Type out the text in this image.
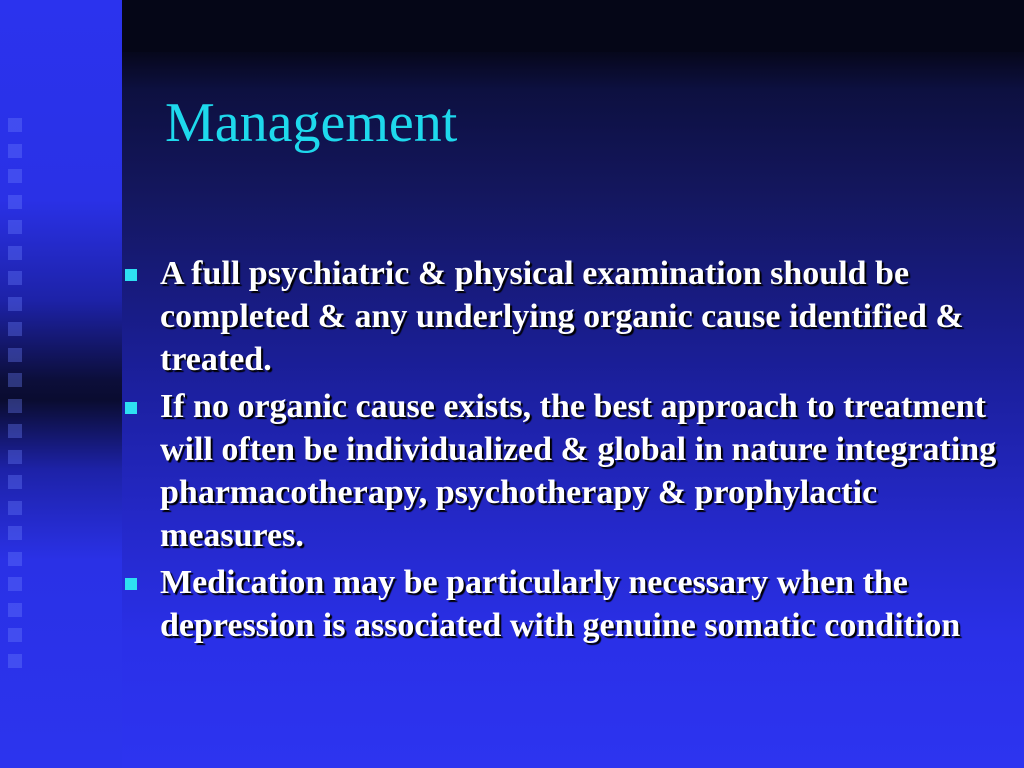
Management
A full psychiatric & physical examination should be completed & any underlying organic cause identified & treated.
If no organic cause exists, the best approach to treatment will often be individualized & global in nature integrating pharmacotherapy, psychotherapy & prophylactic measures.
Medication may be particularly necessary when the depression is associated with genuine somatic condition
